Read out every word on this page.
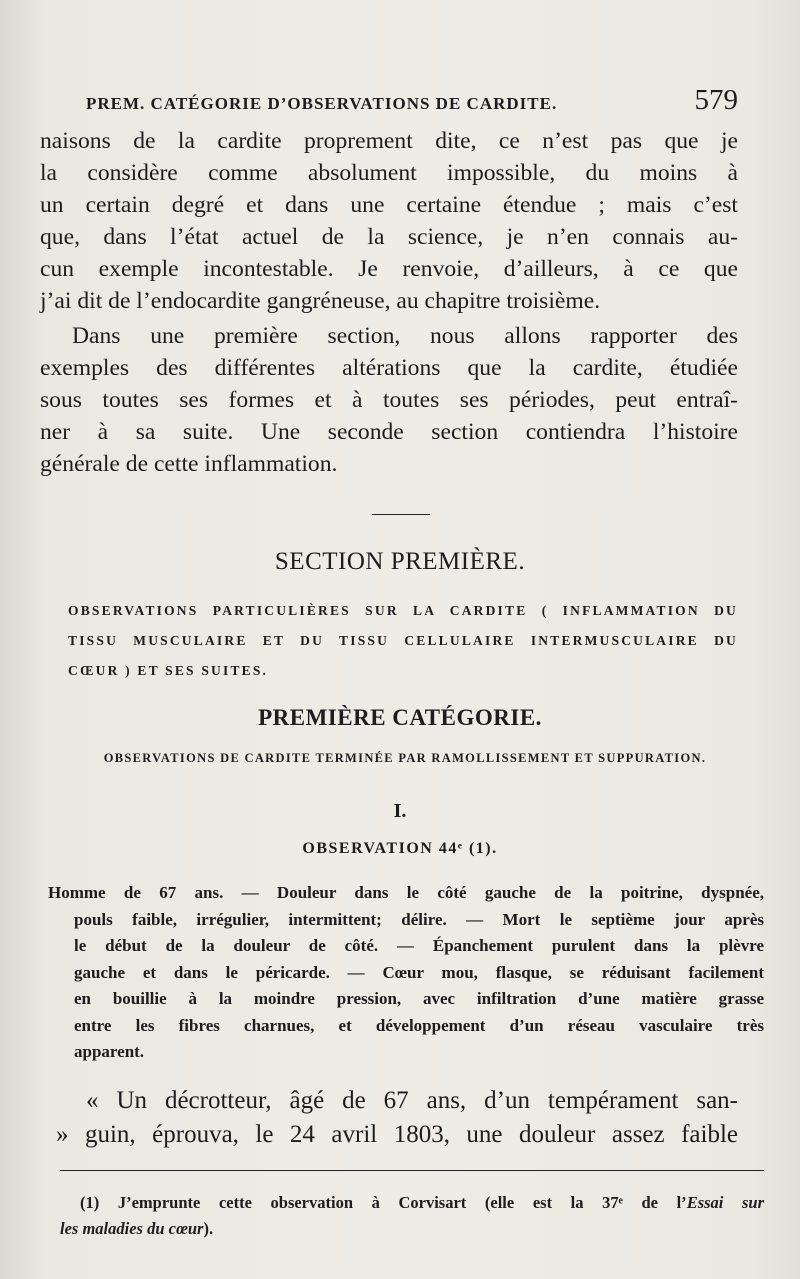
PREM. CATÉGORIE D’OBSERVATIONS DE CARDITE.	579
naisons de la cardite proprement dite, ce n’est pas que je
la considère comme absolument impossible, du moins à
un certain degré et dans une certaine étendue ; mais c’est
que, dans l’état actuel de la science, je n’en connais au-
cun exemple incontestable. Je renvoie, d’ailleurs, à ce que
j’ai dit de l’endocardite gangréneuse, au chapitre troisième.
Dans une première section, nous allons rapporter des
exemples des différentes altérations que la cardite, étudiée
sous toutes ses formes et à toutes ses périodes, peut entraî-
ner à sa suite. Une seconde section contiendra l’histoire
générale de cette inflammation.
SECTION PREMIÈRE.
OBSERVATIONS PARTICULIÈRES SUR LA CARDITE ( INFLAMMATION DU
TISSU MUSCULAIRE ET DU TISSU CELLULAIRE INTERMUSCULAIRE DU
CŒUR ) ET SES SUITES.
PREMIÈRE CATÉGORIE.
OBSERVATIONS DE CARDITE TERMINÉE PAR RAMOLLISSEMENT ET SUPPURATION.
I.
OBSERVATION 44ᵉ (1).
Homme de 67 ans. — Douleur dans le côté gauche de la poitrine, dyspnée,
pouls faible, irrégulier, intermittent; délire. — Mort le septième jour après
le début de la douleur de côté. — Épanchement purulent dans la plèvre
gauche et dans le péricarde. — Cœur mou, flasque, se réduisant facilement
en bouillie à la moindre pression, avec infiltration d’une matière grasse
entre les fibres charnues, et développement d’un réseau vasculaire très
apparent.
« Un décrotteur, âgé de 67 ans, d’un tempérament san-
» guin, éprouva, le 24 avril 1803, une douleur assez faible
(1) J’emprunte cette observation à Corvisart (elle est la 37ᵉ de l’Essai sur
les maladies du cœur).
